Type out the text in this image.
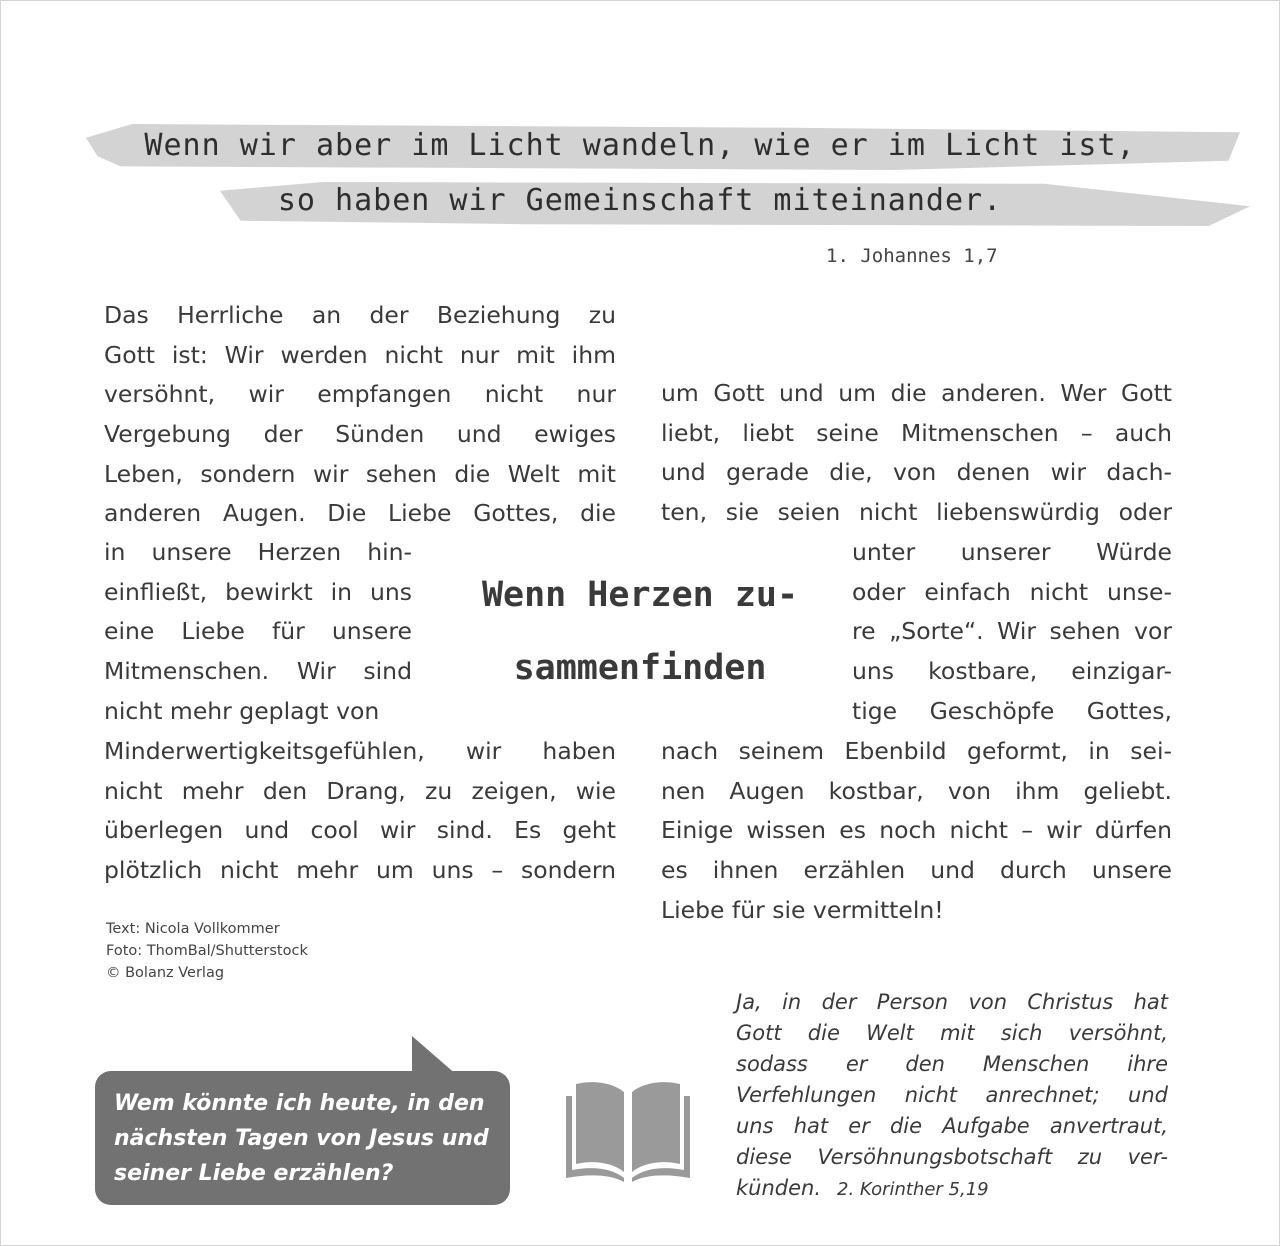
Wenn wir aber im Licht wandeln, wie er im Licht ist,
so haben wir Gemeinschaft miteinander.
1. Johannes 1,7
Das Herrliche an der Beziehung zu
Gott ist: Wir werden nicht nur mit ihm
versöhnt, wir empfangen nicht nur
Vergebung der Sünden und ewiges
Leben, sondern wir sehen die Welt mit
anderen Augen. Die Liebe Gottes, die
in unsere Herzen hin-
einfließt, bewirkt in uns
eine Liebe für unsere
Mitmenschen. Wir sind
nicht mehr geplagt von
Minderwertigkeitsgefühlen, wir haben
nicht mehr den Drang, zu zeigen, wie
überlegen und cool wir sind. Es geht
plötzlich nicht mehr um uns – sondern
um Gott und um die anderen. Wer Gott
liebt, liebt seine Mitmenschen – auch
und gerade die, von denen wir dach-
ten, sie seien nicht liebenswürdig oder
unter unserer Würde
oder einfach nicht unse-
re „Sorte“. Wir sehen vor
uns kostbare, einzigar-
tige Geschöpfe Gottes,
nach seinem Ebenbild geformt, in sei-
nen Augen kostbar, von ihm geliebt.
Einige wissen es noch nicht – wir dürfen
es ihnen erzählen und durch unsere
Liebe für sie vermitteln!
Wenn Herzen zu-
sammenfinden
Text: Nicola Vollkommer
Foto: ThomBal/Shutterstock
© Bolanz Verlag
Wem könnte ich heute, in den
nächsten Tagen von Jesus und
seiner Liebe erzählen?
Ja, in der Person von Christus hat
Gott die Welt mit sich versöhnt,
sodass er den Menschen ihre
Verfehlungen nicht anrechnet; und
uns hat er die Aufgabe anvertraut,
diese Versöhnungsbotschaft zu ver-
künden. 2. Korinther 5,19
